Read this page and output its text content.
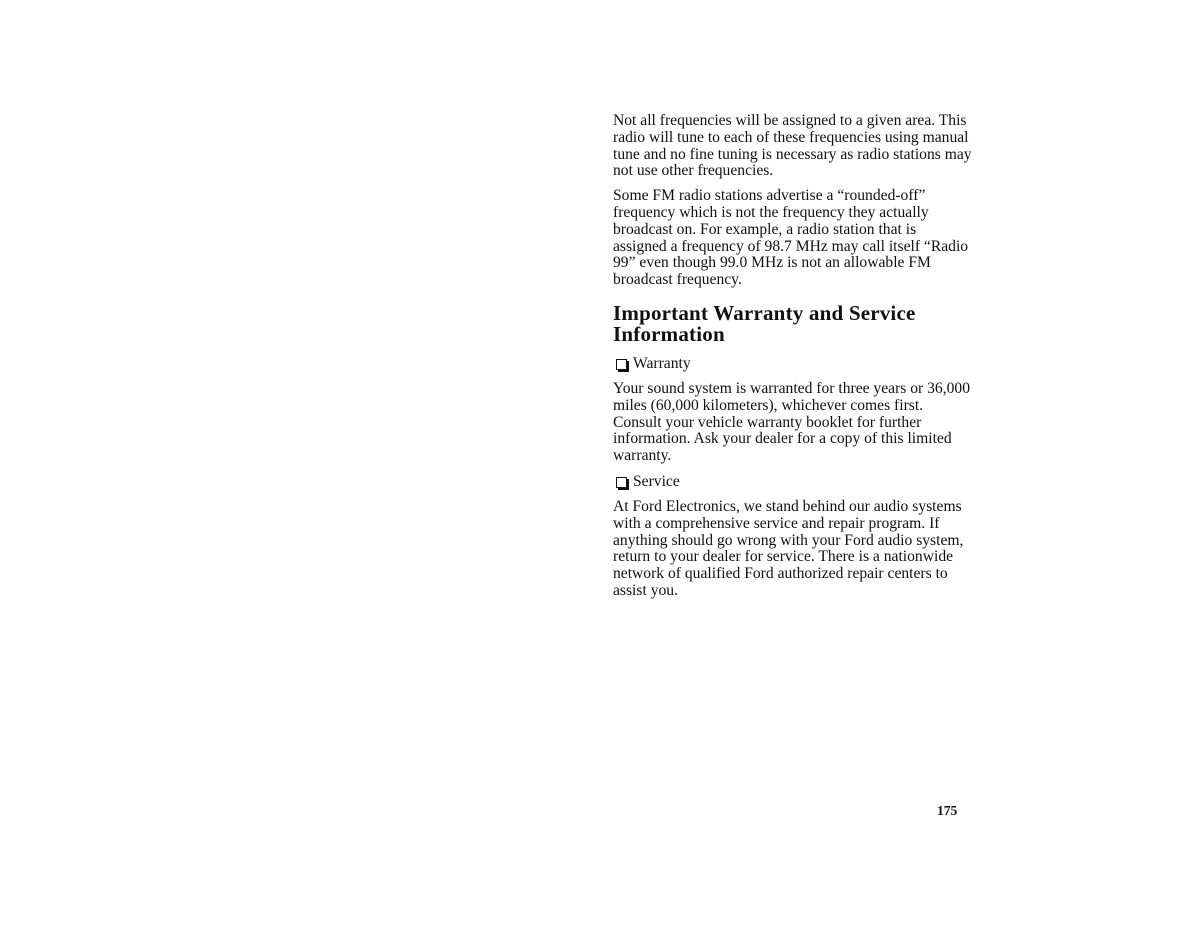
Not all frequencies will be assigned to a given area. This radio will tune to each of these frequencies using manual tune and no fine tuning is necessary as radio stations may not use other frequencies.

Some FM radio stations advertise a “rounded-off” frequency which is not the frequency they actually broadcast on. For example, a radio station that is assigned a frequency of 98.7 MHz may call itself “Radio 99” even though 99.0 MHz is not an allowable FM broadcast frequency.

Important Warranty and Service Information
Warranty

Your sound system is warranted for three years or 36,000 miles (60,000 kilometers), whichever comes first. Consult your vehicle warranty booklet for further information. Ask your dealer for a copy of this limited warranty.

Service

At Ford Electronics, we stand behind our audio systems with a comprehensive service and repair program. If anything should go wrong with your Ford audio system, return to your dealer for service. There is a nationwide network of qualified Ford authorized repair centers to assist you.

175
